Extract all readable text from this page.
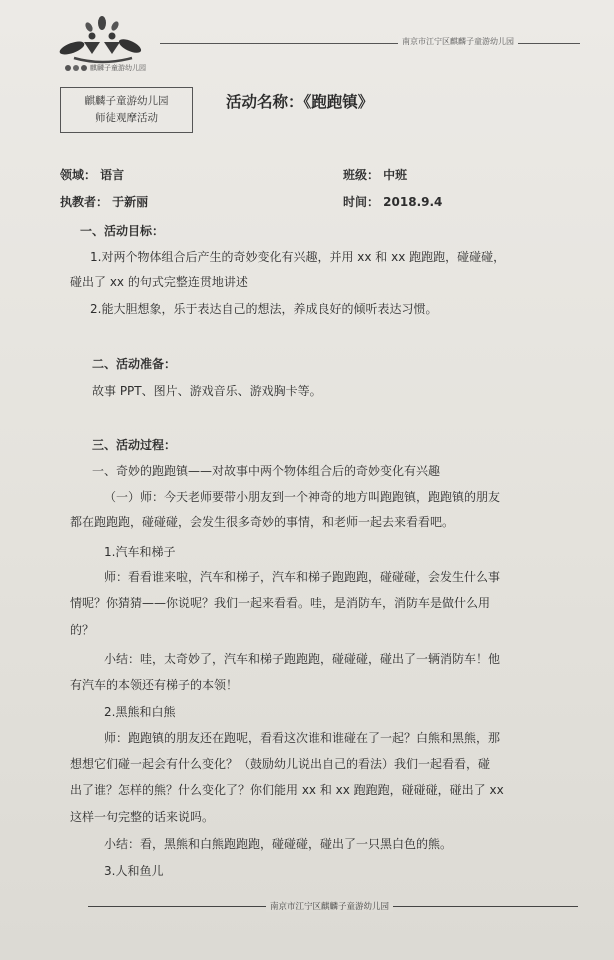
麒麟子童游幼儿园
南京市江宁区麒麟子童游幼儿园
麒麟子童游幼儿园
师徒观摩活动
活动名称：《跑跑镇》
领域： 语言	班级： 中班
执教者： 于新丽	时间： 2018.9.4
一、活动目标：
1.对两个物体组合后产生的奇妙变化有兴趣，并用 xx 和 xx 跑跑跑，碰碰碰，
碰出了 xx 的句式完整连贯地讲述
2.能大胆想象，乐于表达自己的想法，养成良好的倾听表达习惯。
二、活动准备：
故事 PPT、图片、游戏音乐、游戏胸卡等。
三、活动过程：
一、奇妙的跑跑镇——对故事中两个物体组合后的奇妙变化有兴趣
（一）师：今天老师要带小朋友到一个神奇的地方叫跑跑镇，跑跑镇的朋友
都在跑跑跑，碰碰碰，会发生很多奇妙的事情，和老师一起去来看看吧。
1.汽车和梯子
师：看看谁来啦，汽车和梯子，汽车和梯子跑跑跑，碰碰碰，会发生什么事
情呢？你猜猜——你说呢？我们一起来看看。哇，是消防车，消防车是做什么用
的？
小结：哇，太奇妙了，汽车和梯子跑跑跑，碰碰碰，碰出了一辆消防车！他
有汽车的本领还有梯子的本领！
2.黑熊和白熊
师：跑跑镇的朋友还在跑呢，看看这次谁和谁碰在了一起？白熊和黑熊，那
想想它们碰一起会有什么变化？（鼓励幼儿说出自己的看法）我们一起看看，碰
出了谁？怎样的熊？什么变化了？你们能用 xx 和 xx 跑跑跑，碰碰碰，碰出了 xx
这样一句完整的话来说吗。
小结：看，黑熊和白熊跑跑跑，碰碰碰，碰出了一只黑白色的熊。
3.人和鱼儿
南京市江宁区麒麟子童游幼儿园
